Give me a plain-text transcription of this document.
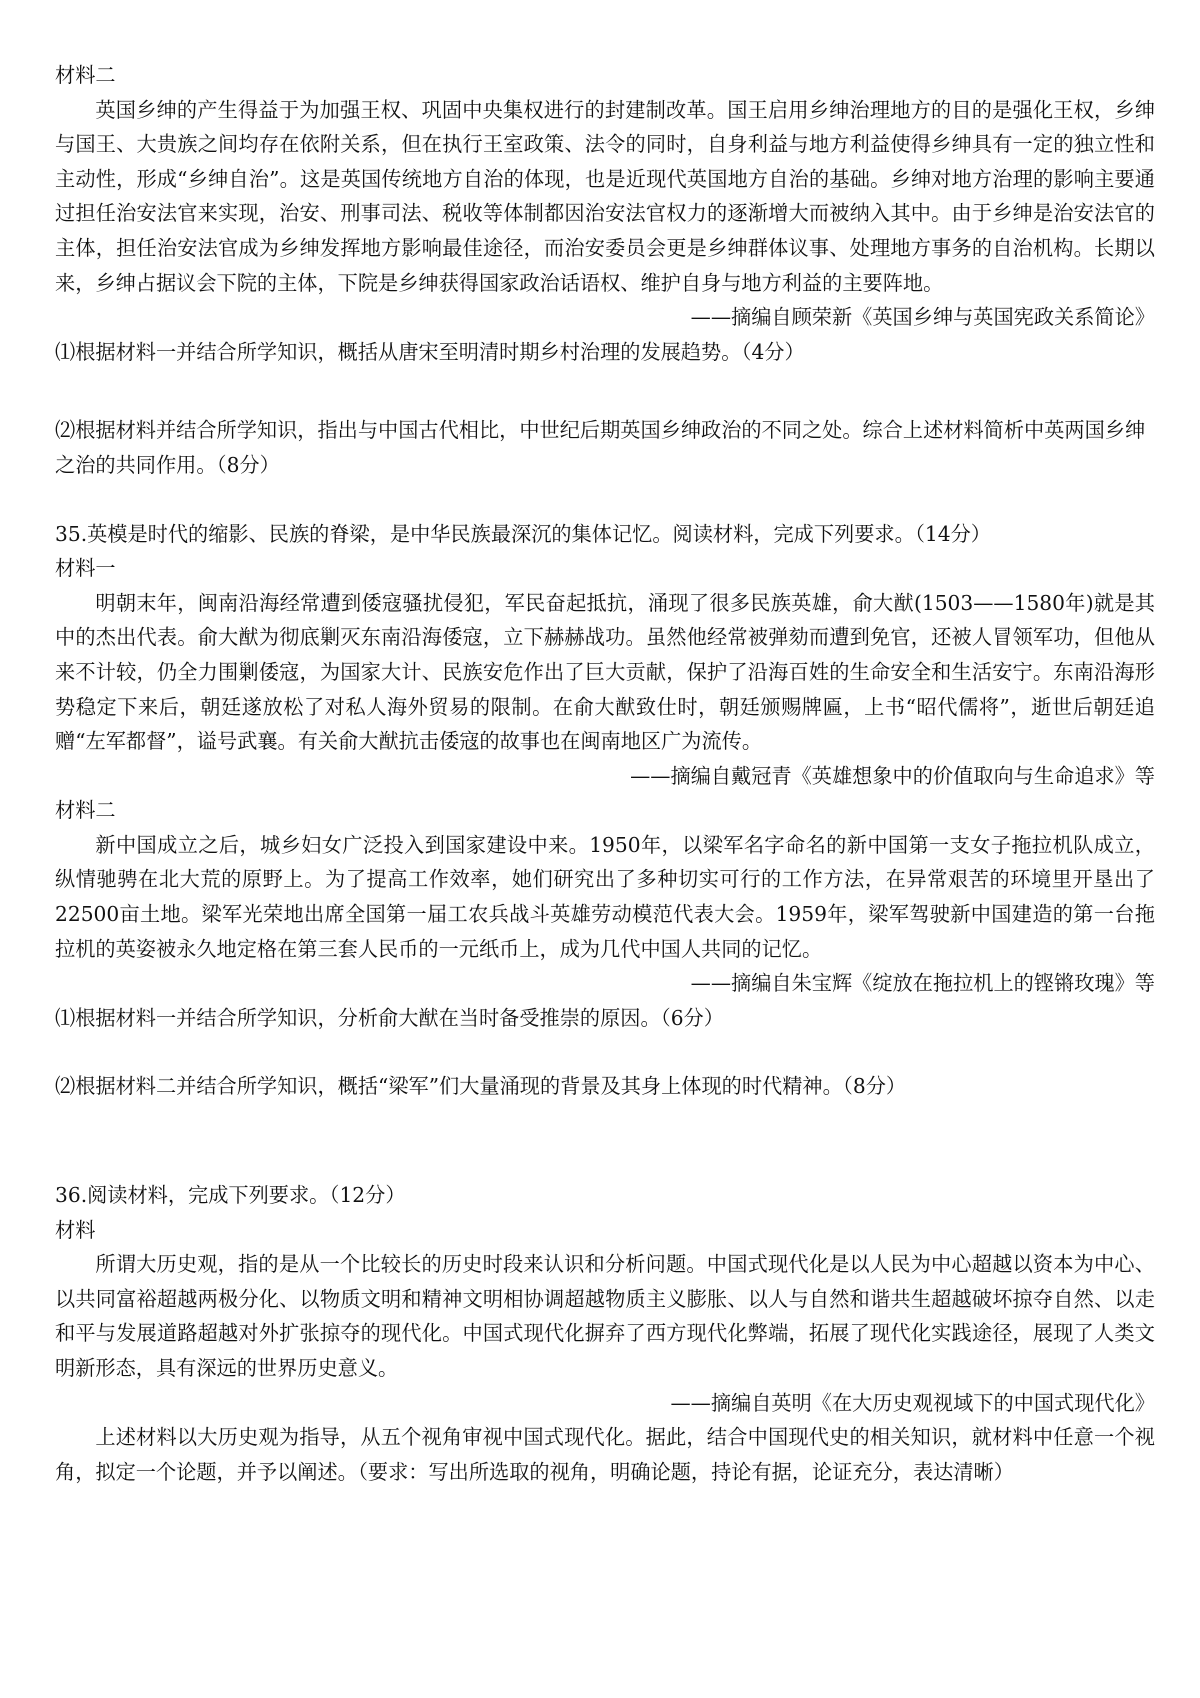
材料二

英国乡绅的产生得益于为加强王权、巩固中央集权进行的封建制改革。国王启用乡绅治理地方的目的是强化王权，乡绅与国王、大贵族之间均存在依附关系，但在执行王室政策、法令的同时，自身利益与地方利益使得乡绅具有一定的独立性和主动性，形成“乡绅自治”。这是英国传统地方自治的体现，也是近现代英国地方自治的基础。乡绅对地方治理的影响主要通过担任治安法官来实现，治安、刑事司法、税收等体制都因治安法官权力的逐渐增大而被纳入其中。由于乡绅是治安法官的主体，担任治安法官成为乡绅发挥地方影响最佳途径，而治安委员会更是乡绅群体议事、处理地方事务的自治机构。长期以来，乡绅占据议会下院的主体，下院是乡绅获得国家政治话语权、维护自身与地方利益的主要阵地。

——摘编自顾荣新《英国乡绅与英国宪政关系简论》

⑴根据材料一并结合所学知识，概括从唐宋至明清时期乡村治理的发展趋势。（4分）

⑵根据材料并结合所学知识，指出与中国古代相比，中世纪后期英国乡绅政治的不同之处。综合上述材料简析中英两国乡绅之治的共同作用。（8分）

35.英模是时代的缩影、民族的脊梁，是中华民族最深沉的集体记忆。阅读材料，完成下列要求。（14分）

材料一

明朝末年，闽南沿海经常遭到倭寇骚扰侵犯，军民奋起抵抗，涌现了很多民族英雄，俞大猷(1503——1580年)就是其中的杰出代表。俞大猷为彻底剿灭东南沿海倭寇，立下赫赫战功。虽然他经常被弹劾而遭到免官，还被人冒领军功，但他从来不计较，仍全力围剿倭寇，为国家大计、民族安危作出了巨大贡献，保护了沿海百姓的生命安全和生活安宁。东南沿海形势稳定下来后，朝廷遂放松了对私人海外贸易的限制。在俞大猷致仕时，朝廷颁赐牌匾，上书“昭代儒将”，逝世后朝廷追赠“左军都督”，谥号武襄。有关俞大猷抗击倭寇的故事也在闽南地区广为流传。

——摘编自戴冠青《英雄想象中的价值取向与生命追求》等

材料二

新中国成立之后，城乡妇女广泛投入到国家建设中来。1950年，以梁军名字命名的新中国第一支女子拖拉机队成立，纵情驰骋在北大荒的原野上。为了提高工作效率，她们研究出了多种切实可行的工作方法，在异常艰苦的环境里开垦出了22500亩土地。梁军光荣地出席全国第一届工农兵战斗英雄劳动模范代表大会。1959年，梁军驾驶新中国建造的第一台拖拉机的英姿被永久地定格在第三套人民币的一元纸币上，成为几代中国人共同的记忆。

——摘编自朱宝辉《绽放在拖拉机上的铿锵玫瑰》等

⑴根据材料一并结合所学知识，分析俞大猷在当时备受推崇的原因。（6分）

⑵根据材料二并结合所学知识，概括“梁军”们大量涌现的背景及其身上体现的时代精神。（8分）

36.阅读材料，完成下列要求。（12分）

材料

所谓大历史观，指的是从一个比较长的历史时段来认识和分析问题。中国式现代化是以人民为中心超越以资本为中心、以共同富裕超越两极分化、以物质文明和精神文明相协调超越物质主义膨胀、以人与自然和谐共生超越破坏掠夺自然、以走和平与发展道路超越对外扩张掠夺的现代化。中国式现代化摒弃了西方现代化弊端，拓展了现代化实践途径，展现了人类文明新形态，具有深远的世界历史意义。

——摘编自英明《在大历史观视域下的中国式现代化》

上述材料以大历史观为指导，从五个视角审视中国式现代化。据此，结合中国现代史的相关知识，就材料中任意一个视角，拟定一个论题，并予以阐述。（要求：写出所选取的视角，明确论题，持论有据，论证充分，表达清晰）
